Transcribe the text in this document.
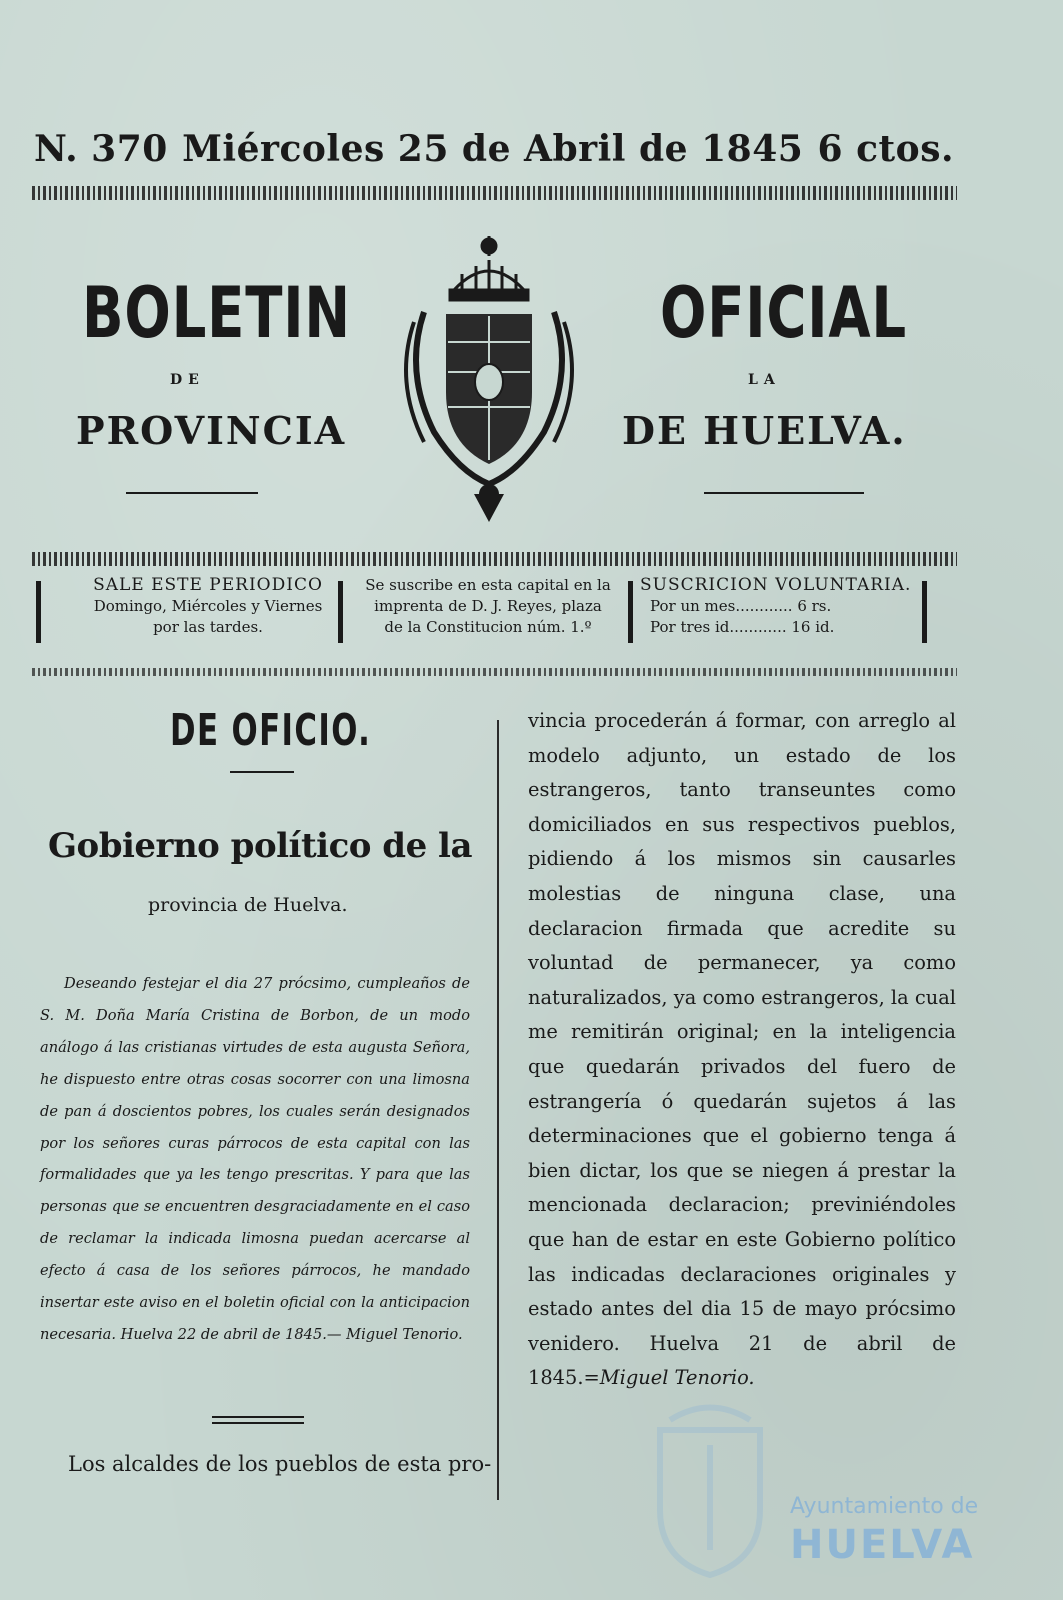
N. 370 Miércoles 25 de Abril de 1845 6 ctos.
BOLETIN	OFICIAL
DE	LA
PROVINCIA	DE HUELVA.
SALE ESTE PERIODICO
Domingo, Miércoles y Viernes
por las tardes.
Se suscribe en esta capital en la
imprenta de D. J. Reyes, plaza
de la Constitucion núm. 1.º
SUSCRICION VOLUNTARIA.
Por un mes............ 6 rs.
Por tres id............ 16 id.
DE OFICIO.
Gobierno político de la
provincia de Huelva.
Deseando festejar el dia 27 prócsimo, cumpleaños de S. M. Doña María Cristina de Borbon, de un modo análogo á las cristianas virtudes de esta augusta Señora, he dispuesto entre otras cosas socorrer con una limosna de pan á doscientos pobres, los cuales serán designados por los señores curas párrocos de esta capital con las formalidades que ya les tengo prescritas. Y para que las personas que se encuentren desgraciadamente en el caso de reclamar la indicada limosna puedan acercarse al efecto á casa de los señores párrocos, he mandado insertar este aviso en el boletin oficial con la anticipacion necesaria. Huelva 22 de abril de 1845.— Miguel Tenorio.
Los alcaldes de los pueblos de esta pro-
vincia procederán á formar, con arreglo al modelo adjunto, un estado de los estrangeros, tanto transeuntes como domiciliados en sus respectivos pueblos, pidiendo á los mismos sin causarles molestias de ninguna clase, una declaracion firmada que acredite su voluntad de permanecer, ya como naturalizados, ya como estrangeros, la cual me remitirán original; en la inteligencia que quedarán privados del fuero de estrangería ó quedarán sujetos á las determinaciones que el gobierno tenga á bien dictar, los que se niegen á prestar la mencionada declaracion; previniéndoles que han de estar en este Gobierno político las indicadas declaraciones originales y estado antes del dia 15 de mayo prócsimo venidero. Huelva 21 de abril de 1845.=Miguel Tenorio.
Ayuntamiento de
HUELVA
